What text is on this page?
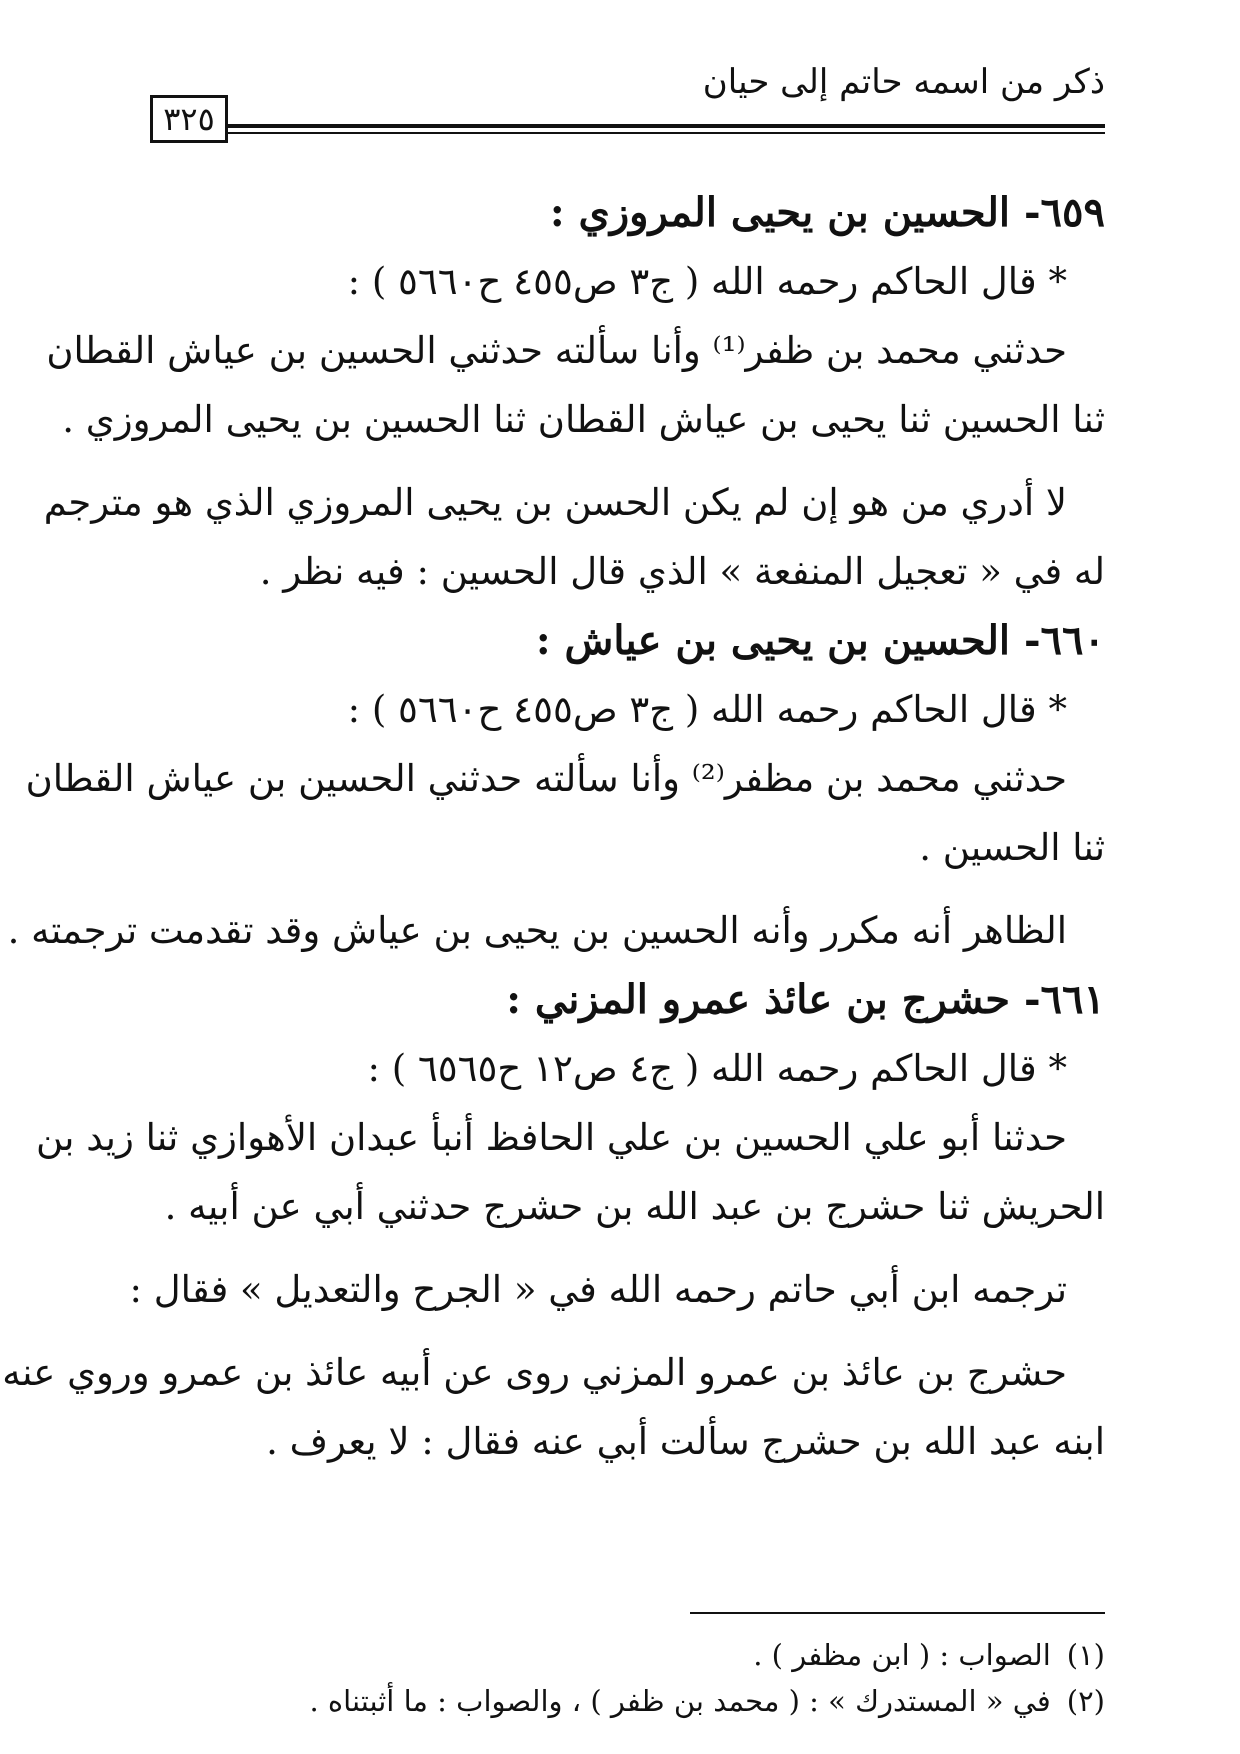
ذكر من اسمه حاتم إلى حيان
٣٢٥
٦٥٩- الحسين بن يحيى المروزي :
* قال الحاكم رحمه الله ( ج٣ ص٤٥٥ ح٥٦٦٠ ) :
حدثني محمد بن ظفر⁽¹⁾ وأنا سألته حدثني الحسين بن عياش القطان
ثنا الحسين ثنا يحيى بن عياش القطان ثنا الحسين بن يحيى المروزي .
لا أدري من هو إن لم يكن الحسن بن يحيى المروزي الذي هو مترجم
له في « تعجيل المنفعة » الذي قال الحسين : فيه نظر .
٦٦٠- الحسين بن يحيى بن عياش :
* قال الحاكم رحمه الله ( ج٣ ص٤٥٥ ح٥٦٦٠ ) :
حدثني محمد بن مظفر⁽²⁾ وأنا سألته حدثني الحسين بن عياش القطان
ثنا الحسين .
الظاهر أنه مكرر وأنه الحسين بن يحيى بن عياش وقد تقدمت ترجمته .
٦٦١- حشرج بن عائذ عمرو المزني :
* قال الحاكم رحمه الله ( ج٤ ص١٢ ح٦٥٦٥ ) :
حدثنا أبو علي الحسين بن علي الحافظ أنبأ عبدان الأهوازي ثنا زيد بن
الحريش ثنا حشرج بن عبد الله بن حشرج حدثني أبي عن أبيه .
ترجمه ابن أبي حاتم رحمه الله في « الجرح والتعديل » فقال :
حشرج بن عائذ بن عمرو المزني روى عن أبيه عائذ بن عمرو وروي عنه
ابنه عبد الله بن حشرج سألت أبي عنه فقال : لا يعرف .
(١)الصواب : ( ابن مظفر ) .
(٢)في « المستدرك » : ( محمد بن ظفر ) ، والصواب : ما أثبتناه .
